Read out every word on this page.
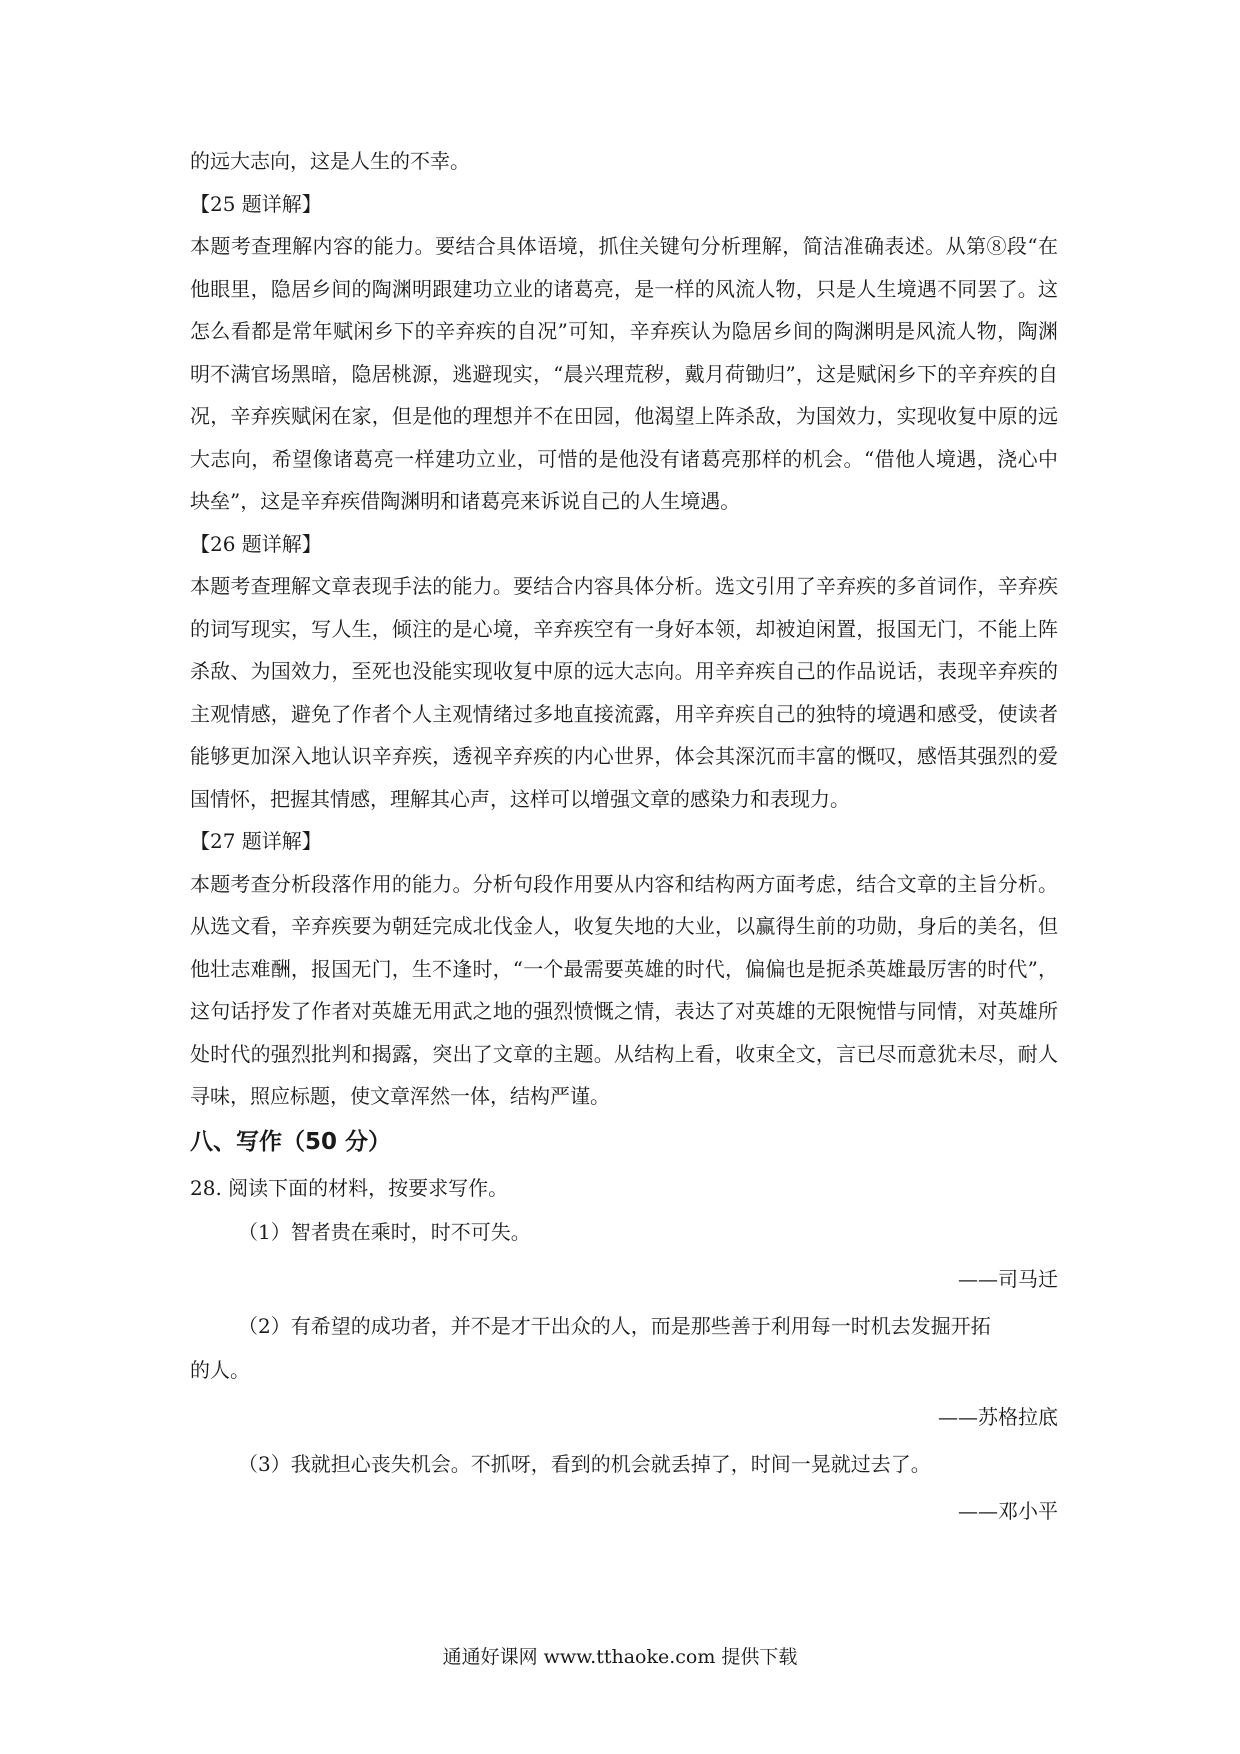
的远大志向，这是人生的不幸。

【25 题详解】

本题考查理解内容的能力。要结合具体语境，抓住关键句分析理解，简洁准确表述。从第⑧段“在他眼里，隐居乡间的陶渊明跟建功立业的诸葛亮，是一样的风流人物，只是人生境遇不同罢了。这怎么看都是常年赋闲乡下的辛弃疾的自况”可知，辛弃疾认为隐居乡间的陶渊明是风流人物，陶渊明不满官场黑暗，隐居桃源，逃避现实，“晨兴理荒秽，戴月荷锄归”，这是赋闲乡下的辛弃疾的自况，辛弃疾赋闲在家，但是他的理想并不在田园，他渴望上阵杀敌，为国效力，实现收复中原的远大志向，希望像诸葛亮一样建功立业，可惜的是他没有诸葛亮那样的机会。“借他人境遇，浇心中块垒”，这是辛弃疾借陶渊明和诸葛亮来诉说自己的人生境遇。

【26 题详解】

本题考查理解文章表现手法的能力。要结合内容具体分析。选文引用了辛弃疾的多首词作，辛弃疾的词写现实，写人生，倾注的是心境，辛弃疾空有一身好本领，却被迫闲置，报国无门，不能上阵杀敌、为国效力，至死也没能实现收复中原的远大志向。用辛弃疾自己的作品说话，表现辛弃疾的主观情感，避免了作者个人主观情绪过多地直接流露，用辛弃疾自己的独特的境遇和感受，使读者能够更加深入地认识辛弃疾，透视辛弃疾的内心世界，体会其深沉而丰富的慨叹，感悟其强烈的爱国情怀，把握其情感，理解其心声，这样可以增强文章的感染力和表现力。

【27 题详解】

本题考查分析段落作用的能力。分析句段作用要从内容和结构两方面考虑，结合文章的主旨分析。从选文看，辛弃疾要为朝廷完成北伐金人，收复失地的大业，以赢得生前的功勋，身后的美名，但他壮志难酬，报国无门，生不逢时，“一个最需要英雄的时代，偏偏也是扼杀英雄最厉害的时代”，这句话抒发了作者对英雄无用武之地的强烈愤慨之情，表达了对英雄的无限惋惜与同情，对英雄所处时代的强烈批判和揭露，突出了文章的主题。从结构上看，收束全文，言已尽而意犹未尽，耐人寻味，照应标题，使文章浑然一体，结构严谨。

八、写作（50 分）

28. 阅读下面的材料，按要求写作。

（1）智者贵在乘时，时不可失。

——司马迁

（2）有希望的成功者，并不是才干出众的人，而是那些善于利用每一时机去发掘开拓

的人。

——苏格拉底

（3）我就担心丧失机会。不抓呀，看到的机会就丢掉了，时间一晃就过去了。

——邓小平

通通好课网 www.tthaoke.com 提供下载
